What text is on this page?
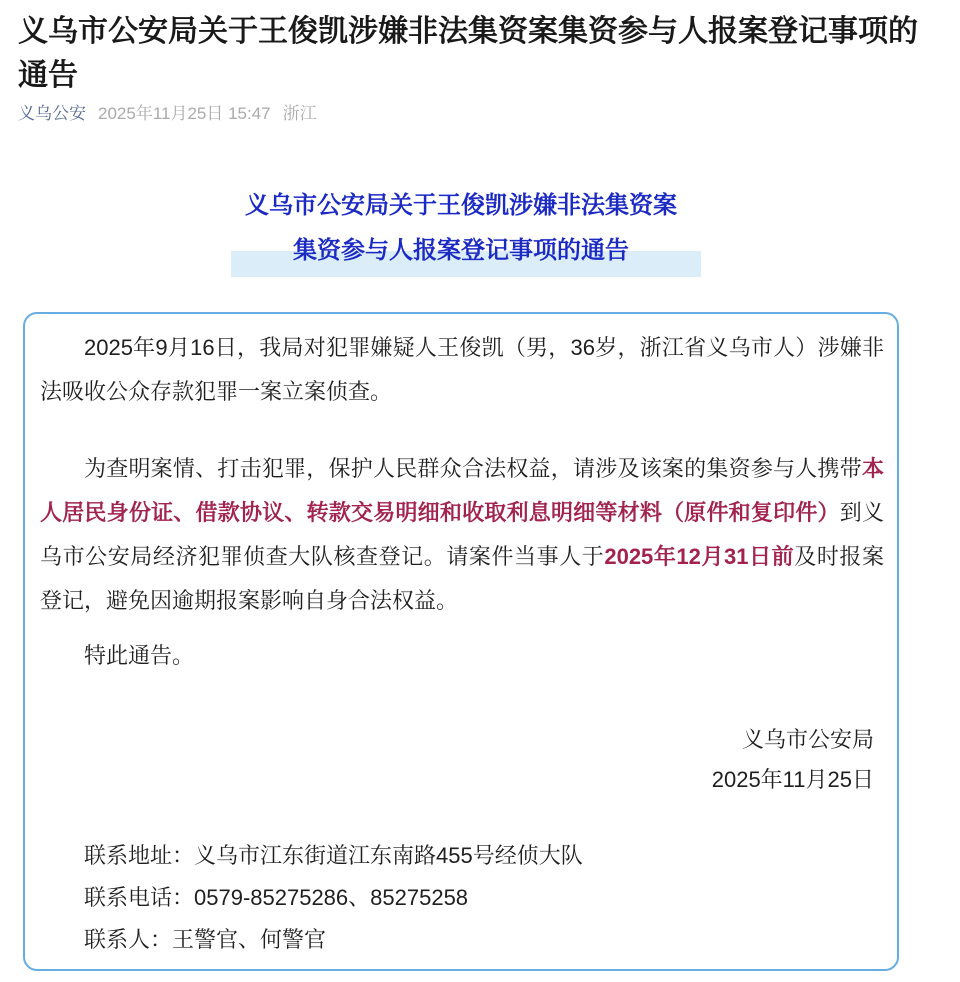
义乌市公安局关于王俊凯涉嫌非法集资案集资参与人报案登记事项的通告
义乌公安 2025年11月25日 15:47 浙江
义乌市公安局关于王俊凯涉嫌非法集资案
集资参与人报案登记事项的通告

2025年9月16日，我局对犯罪嫌疑人王俊凯（男，36岁，浙江省义乌市人）涉嫌非法吸收公众存款犯罪一案立案侦查。

为查明案情、打击犯罪，保护人民群众合法权益，请涉及该案的集资参与人携带本人居民身份证、借款协议、转款交易明细和收取利息明细等材料（原件和复印件）到义乌市公安局经济犯罪侦查大队核查登记。请案件当事人于2025年12月31日前及时报案登记，避免因逾期报案影响自身合法权益。

特此通告。

义乌市公安局
2025年11月25日
联系地址：义乌市江东街道江东南路455号经侦大队
联系电话：0579-85275286、85275258
联系人：王警官、何警官
